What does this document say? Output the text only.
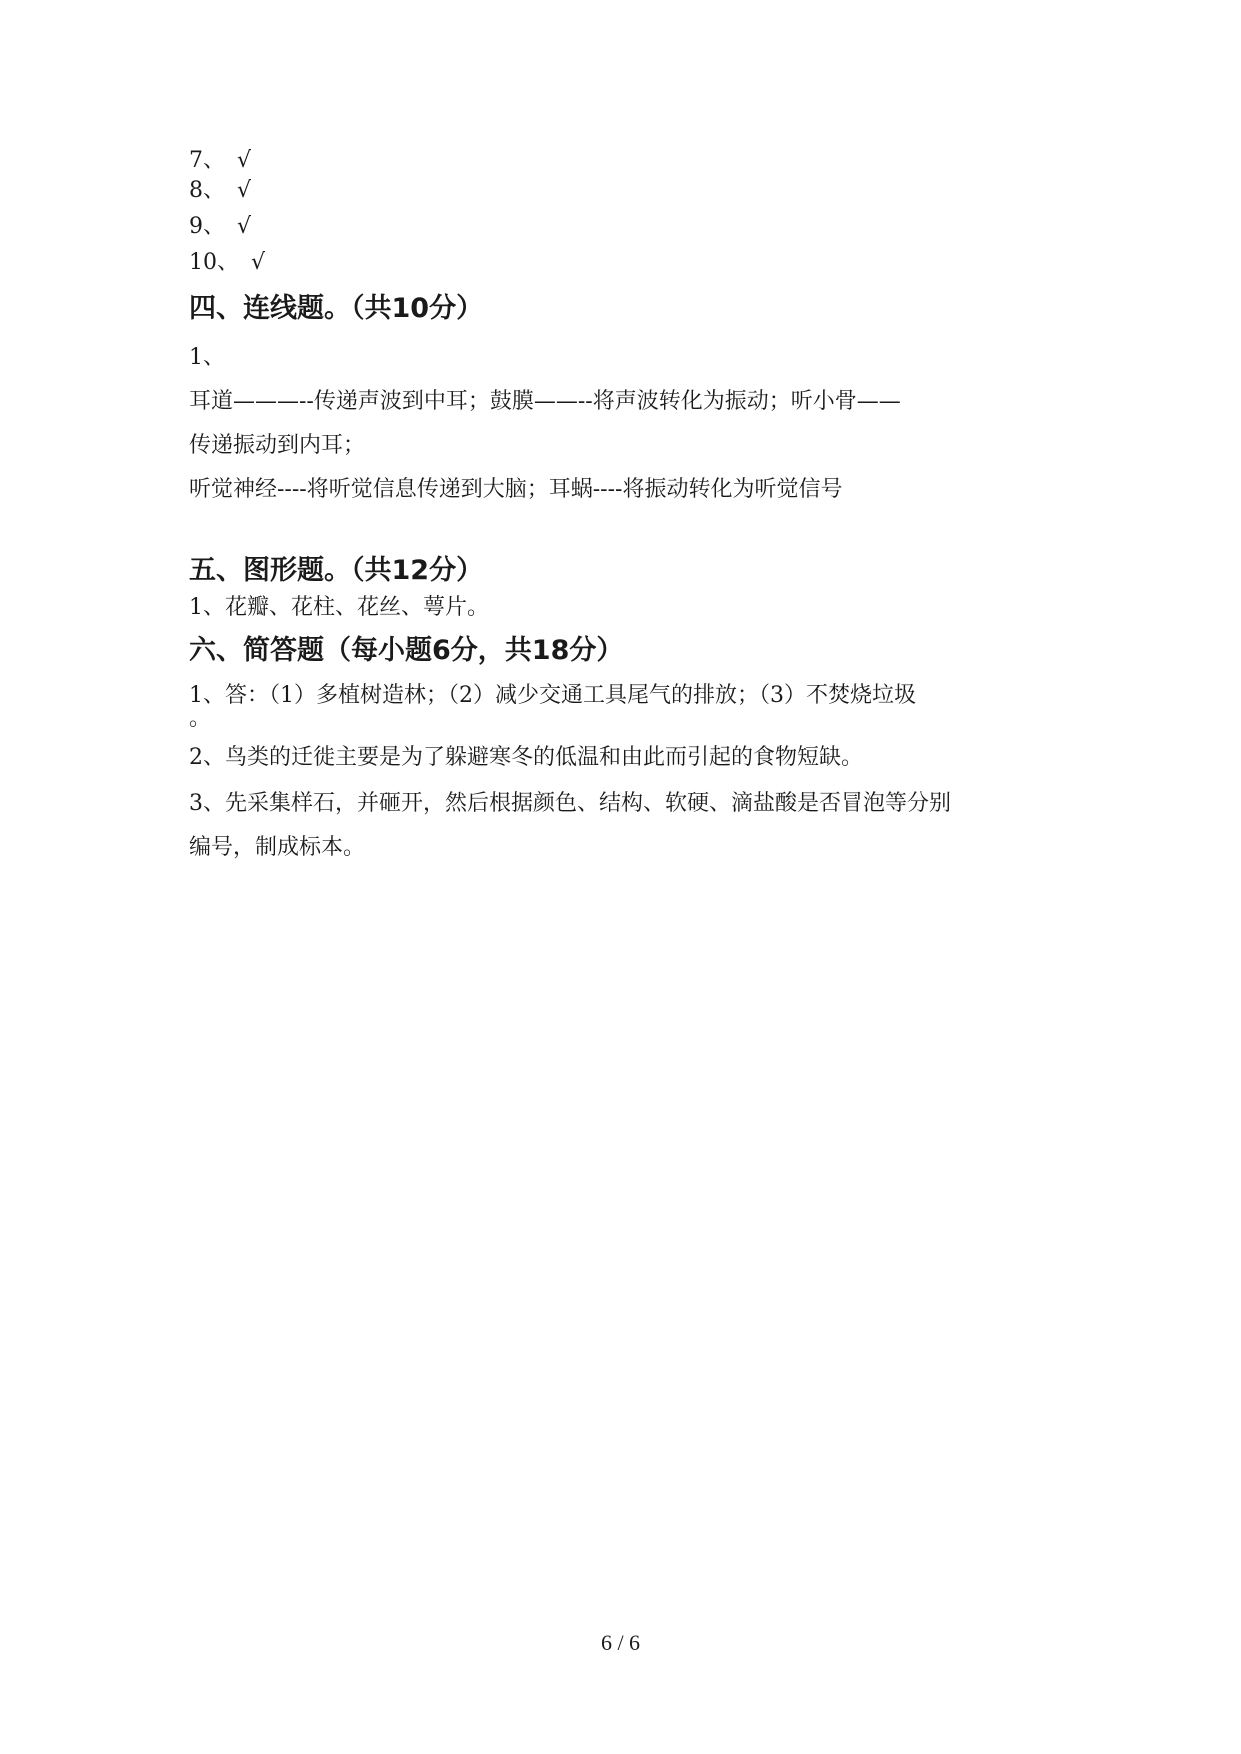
7、 √
8、 √
9、 √
10、 √
四、连线题。（共10分）
1、
耳道———--传递声波到中耳；鼓膜——--将声波转化为振动；听小骨——
传递振动到内耳；
听觉神经----将听觉信息传递到大脑；耳蜗----将振动转化为听觉信号
五、图形题。（共12分）
1、花瓣、花柱、花丝、萼片。
六、简答题（每小题6分，共18分）
1、答：（1）多植树造林；（2）减少交通工具尾气的排放；（3）不焚烧垃圾
。
2、鸟类的迁徙主要是为了躲避寒冬的低温和由此而引起的食物短缺。
3、先采集样石，并砸开，然后根据颜色、结构、软硬、滴盐酸是否冒泡等分别
编号，制成标本。
6 / 6
